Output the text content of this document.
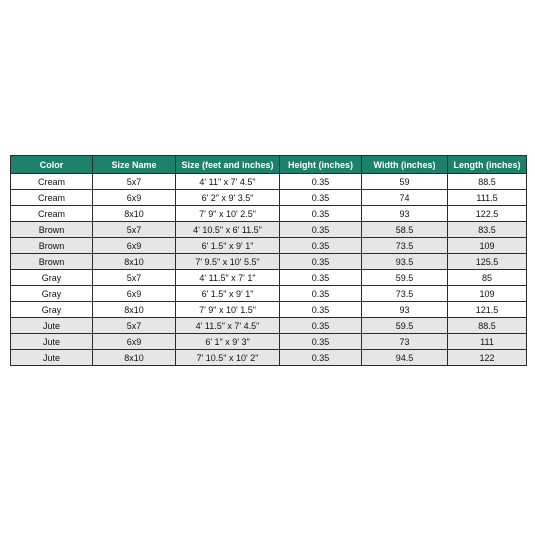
Color	Size Name	Size (feet and inches)	Height (inches)	Width (inches)	Length (inches)
Cream	5x7	4' 11" x 7' 4.5"	0.35	59	88.5
Cream	6x9	6' 2" x 9' 3.5"	0.35	74	111.5
Cream	8x10	7' 9" x 10' 2.5"	0.35	93	122.5
Brown	5x7	4' 10.5" x 6' 11.5"	0.35	58.5	83.5
Brown	6x9	6' 1.5" x 9' 1"	0.35	73.5	109
Brown	8x10	7' 9.5" x 10' 5.5"	0.35	93.5	125.5
Gray	5x7	4' 11.5" x 7' 1"	0.35	59.5	85
Gray	6x9	6' 1.5" x 9' 1"	0.35	73.5	109
Gray	8x10	7' 9" x 10' 1.5"	0.35	93	121.5
Jute	5x7	4' 11.5" x 7' 4.5"	0.35	59.5	88.5
Jute	6x9	6' 1" x 9' 3"	0.35	73	111
Jute	8x10	7' 10.5" x 10' 2"	0.35	94.5	122
